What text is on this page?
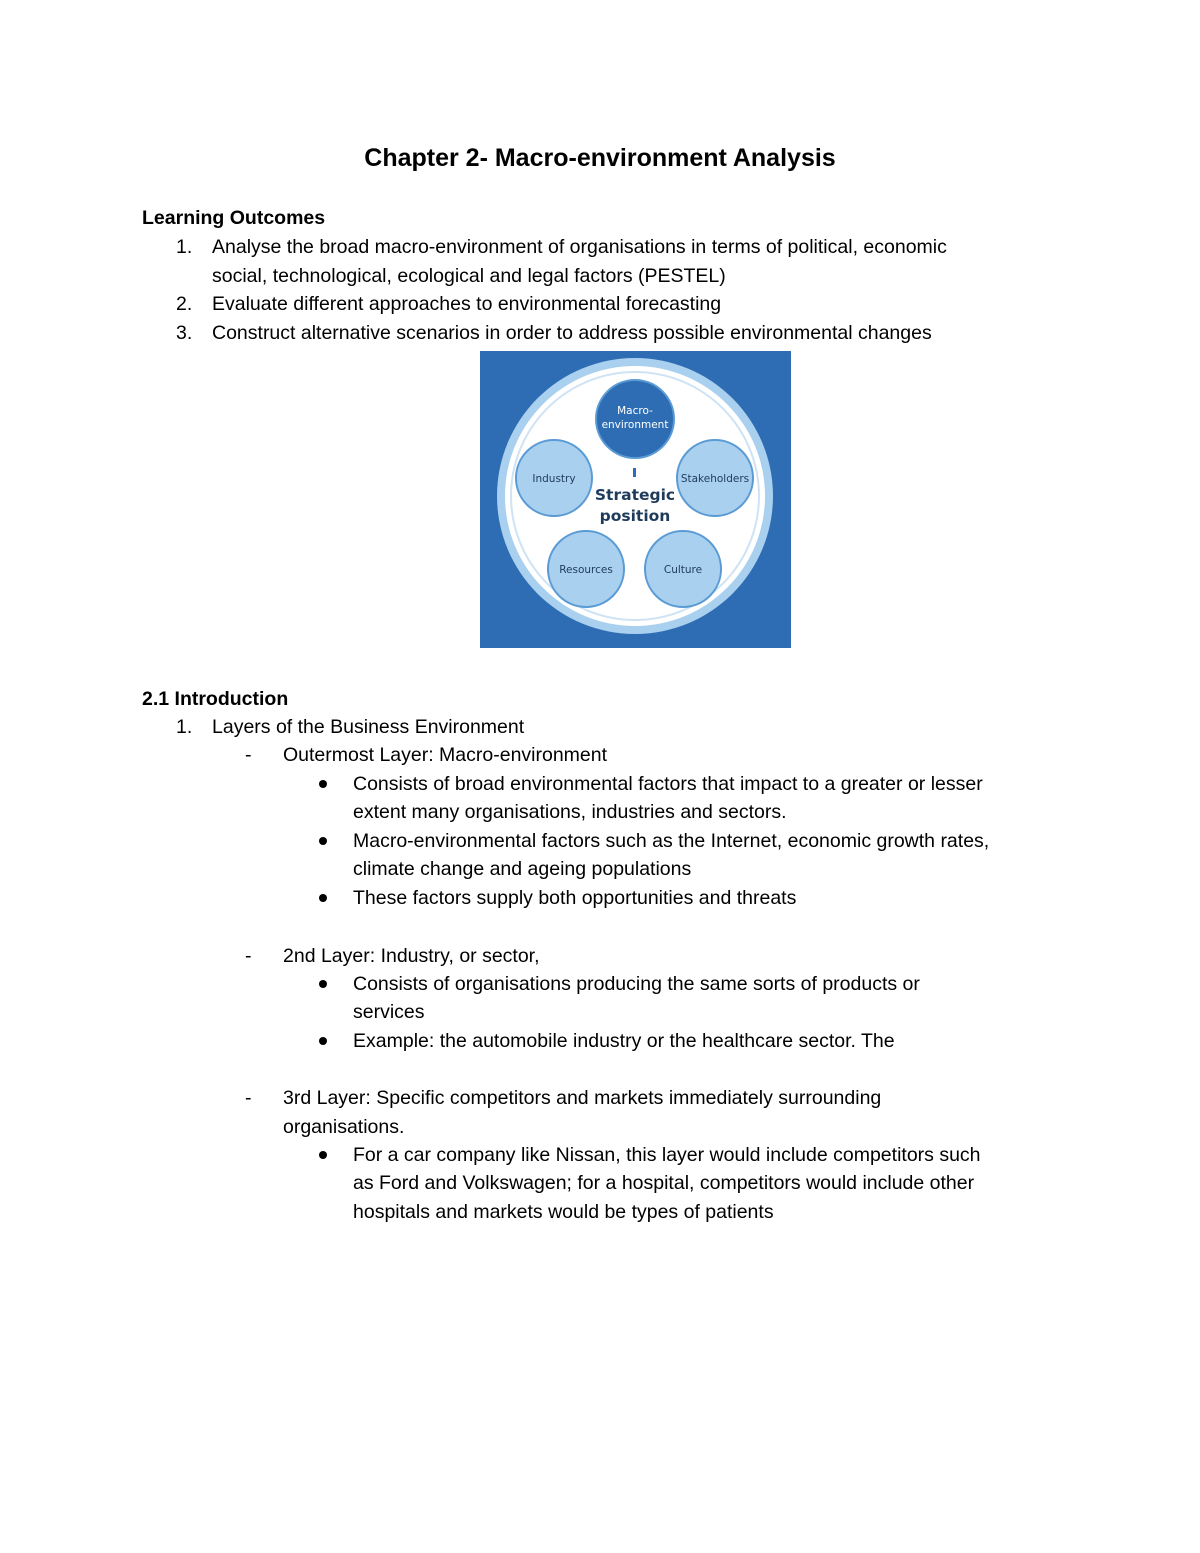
Chapter 2- Macro-environment Analysis
Learning Outcomes
1. Analyse the broad macro-environment of organisations in terms of political, economic
social, technological, ecological and legal factors (PESTEL)
2. Evaluate different approaches to environmental forecasting
3. Construct alternative scenarios in order to address possible environmental changes
Macro-
environment
Industry	Stakeholders
Strategic
position
Resources	Culture
2.1 Introduction
1. Layers of the Business Environment
- Outermost Layer: Macro-environment
Consists of broad environmental factors that impact to a greater or lesser
extent many organisations, industries and sectors.
Macro-environmental factors such as the Internet, economic growth rates,
climate change and ageing populations
These factors supply both opportunities and threats
- 2nd Layer: Industry, or sector,
Consists of organisations producing the same sorts of products or
services
Example: the automobile industry or the healthcare sector. The
- 3rd Layer: Specific competitors and markets immediately surrounding
organisations.
For a car company like Nissan, this layer would include competitors such
as Ford and Volkswagen; for a hospital, competitors would include other
hospitals and markets would be types of patients
